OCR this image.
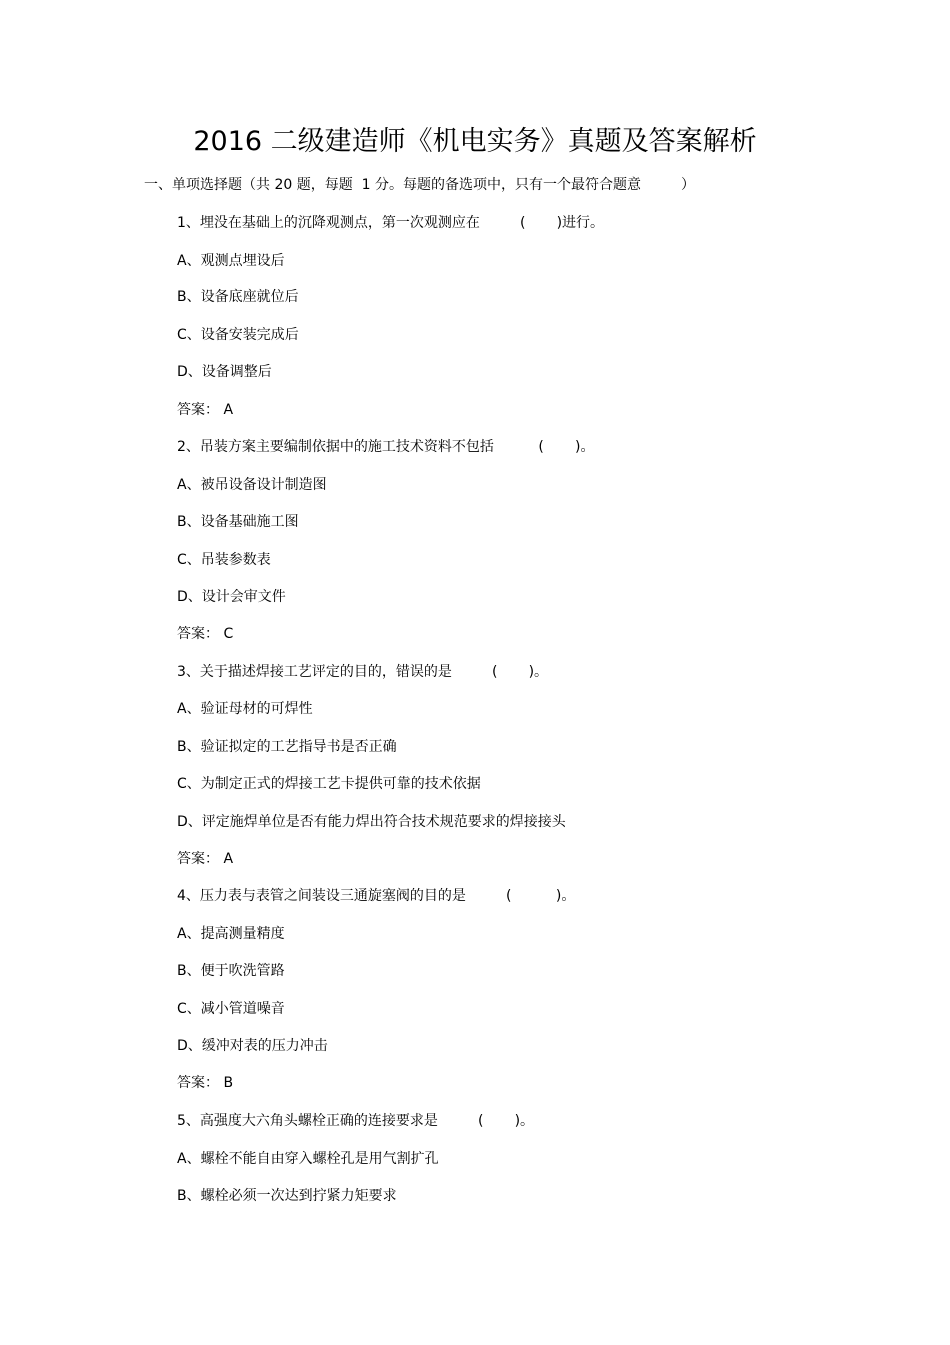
2016 二级建造师《机电实务》真题及答案解析
一、单项选择题（共 20 题，每题  1 分。每题的备选项中，只有一个最符合题意         ）
1、埋没在基础上的沉降观测点，第一次观测应在         (       )进行。
A、观测点埋设后
B、设备底座就位后
C、设备安装完成后
D、设备调整后
答案： A
2、吊装方案主要编制依据中的施工技术资料不包括          (       )。
A、被吊设备设计制造图
B、设备基础施工图
C、吊装参数表
D、设计会审文件
答案： C
3、关于描述焊接工艺评定的目的，错误的是         (       )。
A、验证母材的可焊性
B、验证拟定的工艺指导书是否正确
C、为制定正式的焊接工艺卡提供可靠的技术依据
D、评定施焊单位是否有能力焊出符合技术规范要求的焊接接头
答案： A
4、压力表与表管之间装设三通旋塞阀的目的是         (          )。
A、提高测量精度
B、便于吹洗管路
C、减小管道噪音
D、缓冲对表的压力冲击
答案： B
5、高强度大六角头螺栓正确的连接要求是         (       )。
A、螺栓不能自由穿入螺栓孔是用气割扩孔
B、螺栓必须一次达到拧紧力矩要求
